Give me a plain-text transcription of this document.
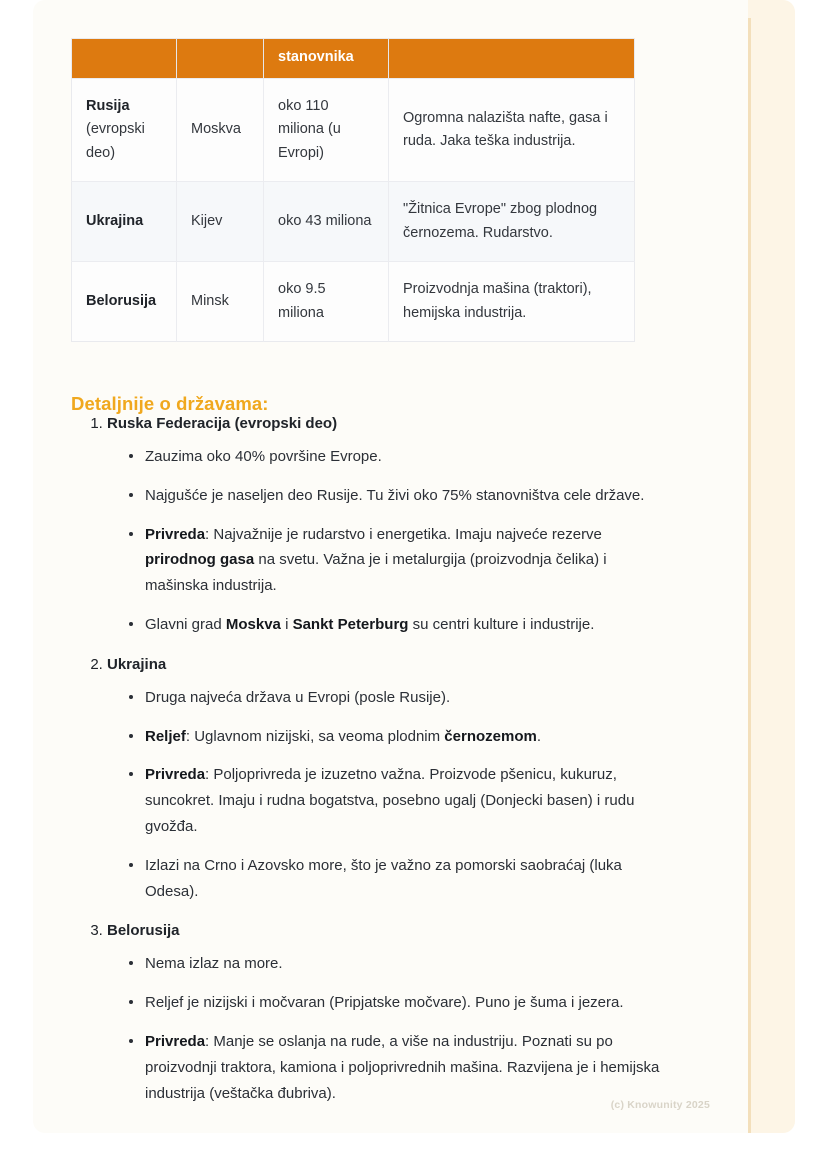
		stanovnika	
Rusija (evropski deo)	Moskva	oko 110 miliona (u Evropi)	Ogromna nalazišta nafte, gasa i ruda. Jaka teška industrija.
Ukrajina	Kijev	oko 43 miliona	"Žitnica Evrope" zbog plodnog černozema. Rudarstvo.
Belorusija	Minsk	oko 9.5 miliona	Proizvodnja mašina (traktori), hemijska industrija.
Detaljnije o državama:
1. Ruska Federacija (evropski deo)
Zauzima oko 40% površine Evrope.
Najgušće je naseljen deo Rusije. Tu živi oko 75% stanovništva cele države.
Privreda: Najvažnije je rudarstvo i energetika. Imaju najveće rezerve prirodnog gasa na svetu. Važna je i metalurgija (proizvodnja čelika) i mašinska industrija.
Glavni grad Moskva i Sankt Peterburg su centri kulture i industrije.
2. Ukrajina
Druga najveća država u Evropi (posle Rusije).
Reljef: Uglavnom nizijski, sa veoma plodnim černozemom.
Privreda: Poljoprivreda je izuzetno važna. Proizvode pšenicu, kukuruz, suncokret. Imaju i rudna bogatstva, posebno ugalj (Donjecki basen) i rudu gvožđa.
Izlazi na Crno i Azovsko more, što je važno za pomorski saobraćaj (luka Odesa).
3. Belorusija
Nema izlaz na more.
Reljef je nizijski i močvaran (Pripjatske močvare). Puno je šuma i jezera.
Privreda: Manje se oslanja na rude, a više na industriju. Poznati su po proizvodnji traktora, kamiona i poljoprivrednih mašina. Razvijena je i hemijska industrija (veštačka đubriva).
(c) Knowunity 2025
